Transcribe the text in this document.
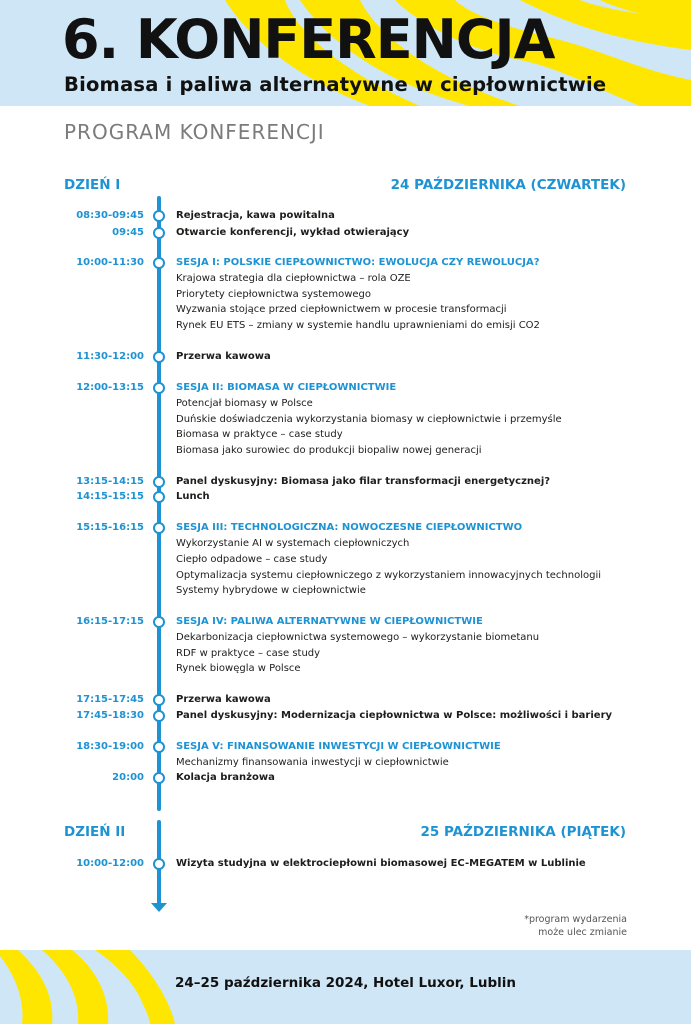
6. KONFERENCJA
Biomasa i paliwa alternatywne w ciepłownictwie
PROGRAM KONFERENCJI
DZIEŃ I	24 PAŹDZIERNIKA (CZWARTEK)
08:30-09:45	Rejestracja, kawa powitalna
09:45	Otwarcie konferencji, wykład otwierający
10:00-11:30	SESJA I: POLSKIE CIEPŁOWNICTWO: EWOLUCJA CZY REWOLUCJA?
Krajowa strategia dla ciepłownictwa – rola OZE
Priorytety ciepłownictwa systemowego
Wyzwania stojące przed ciepłownictwem w procesie transformacji
Rynek EU ETS – zmiany w systemie handlu uprawnieniami do emisji CO2
11:30-12:00	Przerwa kawowa
12:00-13:15	SESJA II: BIOMASA W CIEPŁOWNICTWIE
Potencjał biomasy w Polsce
Duńskie doświadczenia wykorzystania biomasy w ciepłownictwie i przemyśle
Biomasa w praktyce – case study
Biomasa jako surowiec do produkcji biopaliw nowej generacji
13:15-14:15	Panel dyskusyjny: Biomasa jako filar transformacji energetycznej?
14:15-15:15	Lunch
15:15-16:15	SESJA III: TECHNOLOGICZNA: NOWOCZESNE CIEPŁOWNICTWO
Wykorzystanie AI w systemach ciepłowniczych
Ciepło odpadowe – case study
Optymalizacja systemu ciepłowniczego z wykorzystaniem innowacyjnych technologii
Systemy hybrydowe w ciepłownictwie
16:15-17:15	SESJA IV: PALIWA ALTERNATYWNE W CIEPŁOWNICTWIE
Dekarbonizacja ciepłownictwa systemowego – wykorzystanie biometanu
RDF w praktyce – case study
Rynek biowęgla w Polsce
17:15-17:45	Przerwa kawowa
17:45-18:30	Panel dyskusyjny: Modernizacja ciepłownictwa w Polsce: możliwości i bariery
18:30-19:00	SESJA V: FINANSOWANIE INWESTYCJI W CIEPŁOWNICTWIE
Mechanizmy finansowania inwestycji w ciepłownictwie
20:00	Kolacja branżowa
DZIEŃ II	25 PAŹDZIERNIKA (PIĄTEK)
10:00-12:00	Wizyta studyjna w elektrociepłowni biomasowej EC-MEGATEM w Lublinie
*program wydarzenia
może ulec zmianie
24–25 października 2024, Hotel Luxor, Lublin
